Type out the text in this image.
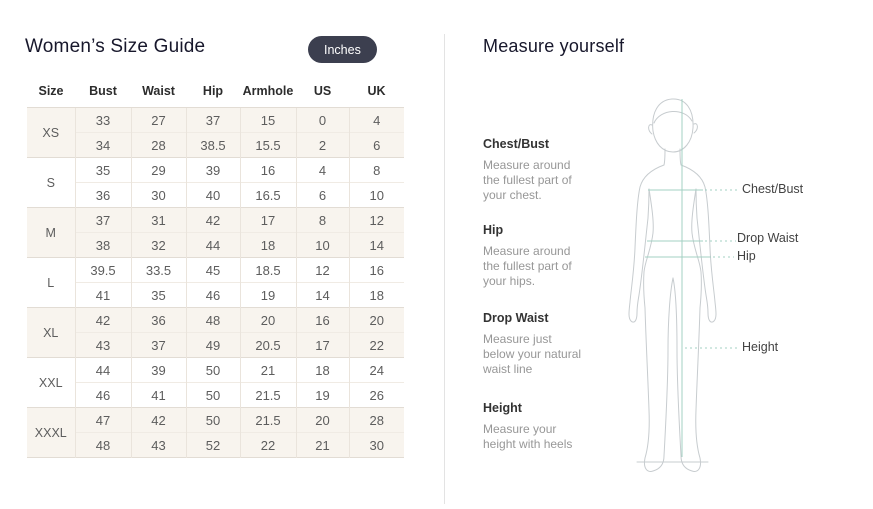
Women’s Size Guide	Inches
Size	Bust	Waist	Hip	Armhole	US	UK
XS	33	27	37	15	0	4
	34	28	38.5	15.5	2	6
S	35	29	39	16	4	8
	36	30	40	16.5	6	10
M	37	31	42	17	8	12
	38	32	44	18	10	14
L	39.5	33.5	45	18.5	12	16
	41	35	46	19	14	18
XL	42	36	48	20	16	20
	43	37	49	20.5	17	22
XXL	44	39	50	21	18	24
	46	41	50	21.5	19	26
XXXL	47	42	50	21.5	20	28
	48	43	52	22	21	30
Measure yourself
Chest/Bust

Measure around the fullest part of your chest.

Hip

Measure around the fullest part of your hips.

Drop Waist

Measure just below your natural waist line

Height

Measure your height with heels

Chest/Bust
Drop Waist
Hip
Height
